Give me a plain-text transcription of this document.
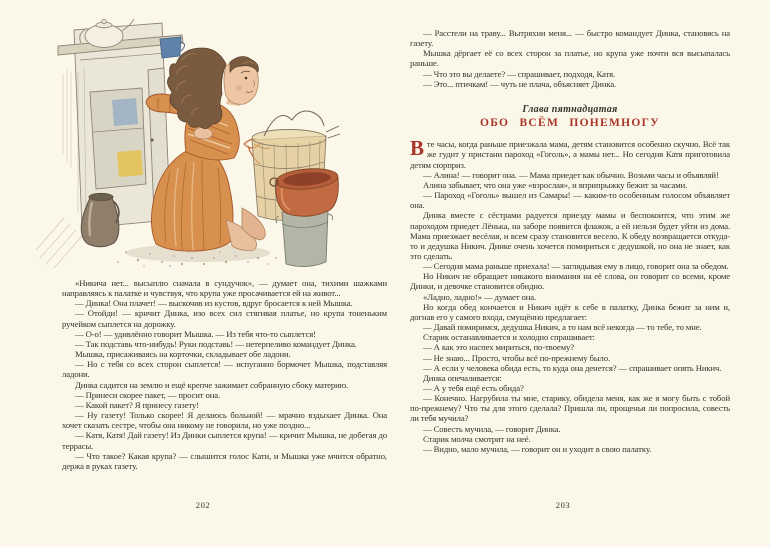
«Никича нет... высыплю сначала в сундучок», — думает она, тихими шажками направляясь к палатке и чувствуя, что крупа уже просачивается ей на живот...

— Динка! Она плачет! — выскочив из кустов, вдруг бросается к ней Мышка.

— Отойди! — кричит Динка, изо всех сил стягивая платье, но крупа тоненьким ручейком сыплется на дорожку.

— О-о! — удивлённо говорит Мышка. — Из тебя что-то сыплется!

— Так подставь что-нибудь! Руки подставь! — нетерпеливо командует Динка.

Мышка, присаживаясь на корточки, складывает обе ладони.

— Но с тебя со всех сторон сыплется! — испуганно бормочет Мышка, подставляя ладони.

Динка садится на землю и ещё крепче зажимает собранную сбоку материю.

— Принеси скорее пакет, — просит она.

— Какой пакет? Я принесу газету!

— Ну газету! Только скорее! Я делаюсь больной! — мрачно вздыхает Динка. Она хочет сказать сестре, чтобы она никому не говорила, но уже поздно...

— Катя, Катя! Дай газету! Из Динки сыплется крупа! — кричит Мышка, не добегая до террасы.

— Что такое? Какая крупа? — слышится голос Кати, и Мышка уже мчится обратно, держа в руках газету.

202

— Расстели на траву... Вытряхни меня... — быстро командует Динка, становясь на газету.

Мышка дёргает её со всех сторон за платье, но крупа уже почти вся высыпалась раньше.

— Что это вы делаете? — спрашивает, подходя, Катя.

— Это... птичкам! — чуть не плача, объясняет Динка.

Глава пятнадцатая
ОБО ВСЁМ ПОНЕМНОГУ

Вте часы, когда раньше приезжала мама, детям становится особенно скучно. Всё так же гудит у пристани пароход «Гоголь», а мамы нет... Но сегодня Катя приготовила детям сюрприз.

— Алина! — говорит она. — Мама приедет как обычно. Возьми часы и объявляй!

Алина забывает, что она уже «взрослая», и вприпрыжку бежит за часами.

— Пароход «Гоголь» вышел из Самары! — каким-то особенным голосом объявляет она.

Динка вместе с сёстрами радуется приезду мамы и беспокоится, что этим же пароходом приедет Лёнька, на заборе появится флажок, а ей нельзя будет уйти из дома. Мама приезжает весёлая, и всем сразу становится весело. К обеду возвращается откуда-то и дедушка Никич. Динке очень хочется помириться с дедушкой, но она не знает, как это сделать.

— Сегодня мама раньше приехала! — заглядывая ему в лицо, говорит она за обедом.

Но Никич не обращает никакого внимания на её слова, он говорит со всеми, кроме Динки, и девочке становится обидно.

«Ладно, ладно!» — думает она.

Но когда обед кончается и Никич идёт к себе в палатку, Динка бежит за ним и, догнав его у самого входа, смущённо предлагает:

— Давай помиримся, дедушка Никич, а то нам всё некогда — то тебе, то мне.

Старик останавливается и холодно спрашивает:

— А как это наспех мириться, по-твоему?

— Не знаю... Просто, чтобы всё по-прежнему было.

— А если у человека обида есть, то куда она денется? — спрашивает опять Никич.

Динка опечаливается:

— А у тебя ещё есть обида?

— Конечно. Нагрубила ты мне, старику, обидела меня, как же я могу быть с тобой по-прежнему? Что ты для этого сделала? Пришла ли, прощенья ли попросила, совесть ли тебя мучила?

— Совесть мучила, — говорит Динка.

Старик молча смотрит на неё.

— Видно, мало мучила, — говорит он и уходит в свою палатку.

203
